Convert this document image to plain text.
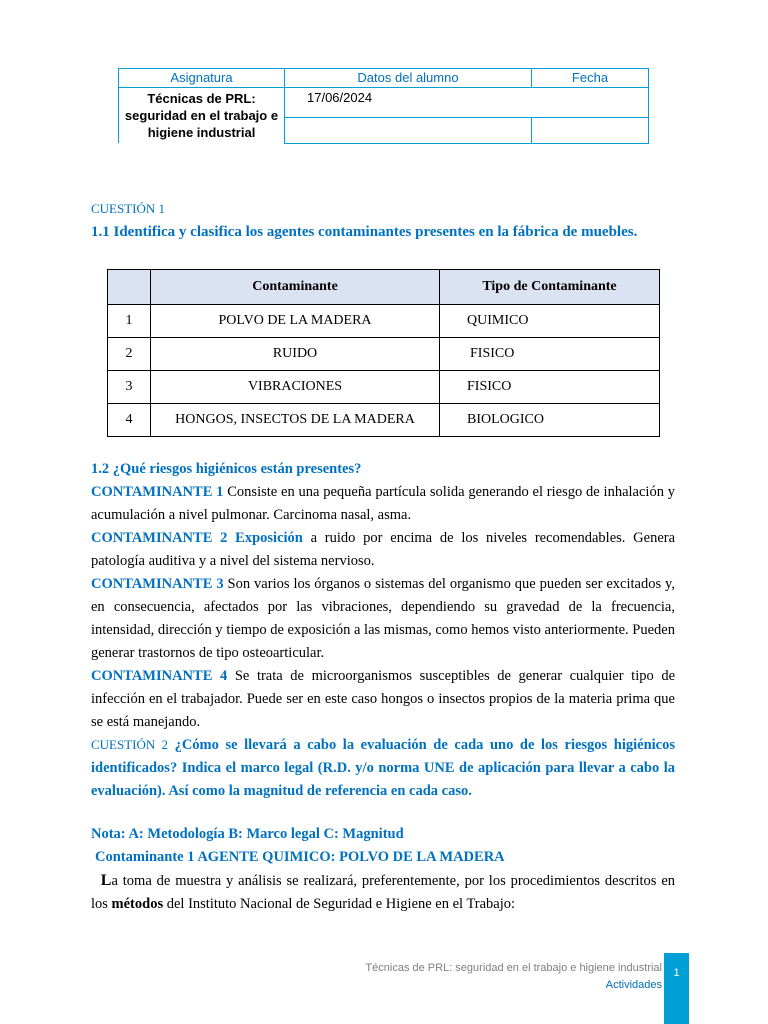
Asignatura	Datos del alumno	Fecha
Técnicas de PRL: seguridad en el trabajo e higiene industrial	17/06/2024	

CUESTIÓN 1
1.1 Identifica y clasifica los agentes contaminantes presentes en la fábrica de muebles.
	Contaminante	Tipo de Contaminante
1	POLVO DE LA MADERA	QUIMICO
2	RUIDO	FISICO
3	VIBRACIONES	FISICO
4	HONGOS, INSECTOS DE LA MADERA	BIOLOGICO
1.2 ¿Qué riesgos higiénicos están presentes?
CONTAMINANTE 1 Consiste en una pequeña partícula solida generando el riesgo de inhalación y acumulación a nivel pulmonar. Carcinoma nasal, asma.
CONTAMINANTE 2 Exposición a ruido por encima de los niveles recomendables. Genera patología auditiva y a nivel del sistema nervioso.
CONTAMINANTE 3 Son varios los órganos o sistemas del organismo que pueden ser excitados y, en consecuencia, afectados por las vibraciones, dependiendo su gravedad de la frecuencia, intensidad, dirección y tiempo de exposición a las mismas, como hemos visto anteriormente. Pueden generar trastornos de tipo osteoarticular.
CONTAMINANTE 4 Se trata de microorganismos susceptibles de generar cualquier tipo de infección en el trabajador. Puede ser en este caso hongos o insectos propios de la materia prima que se está manejando.
CUESTIÓN 2 ¿Cómo se llevará a cabo la evaluación de cada uno de los riesgos higiénicos identificados? Indica el marco legal (R.D. y/o norma UNE de aplicación para llevar a cabo la evaluación). Así como la magnitud de referencia en cada caso.
Nota: A: Metodología B: Marco legal C: Magnitud
Contaminante 1 AGENTE QUIMICO: POLVO DE LA MADERA
La toma de muestra y análisis se realizará, preferentemente, por los procedimientos descritos en los métodos del Instituto Nacional de Seguridad e Higiene en el Trabajo:
Técnicas de PRL: seguridad en el trabajo e higiene industrial
Actividades
1
